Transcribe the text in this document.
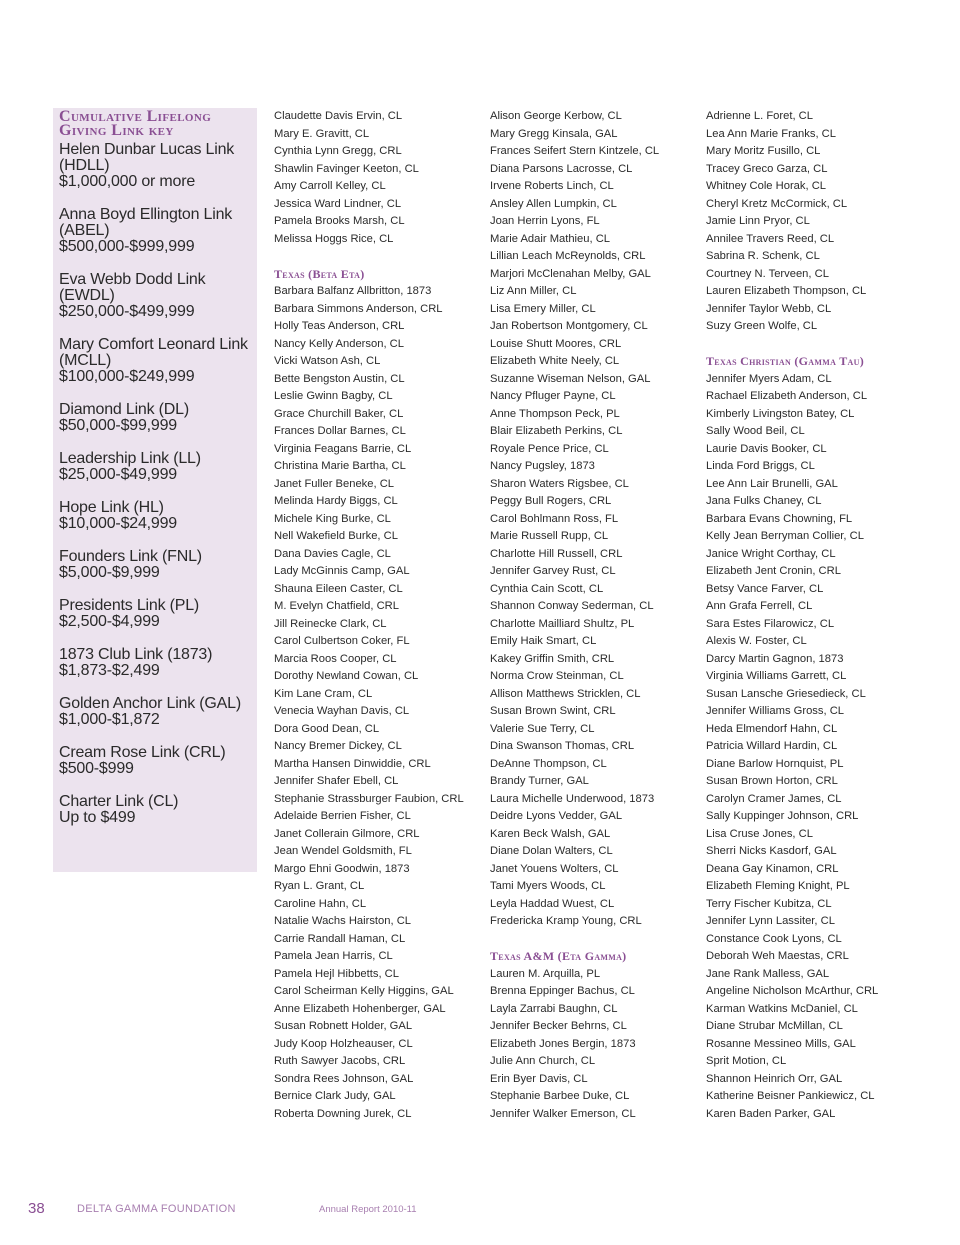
Cumulative Lifelong
Giving Link key
Helen Dunbar Lucas Link (HDLL)
$1,000,000 or more
Anna Boyd Ellington Link (ABEL)
$500,000-$999,999
Eva Webb Dodd Link (EWDL)
$250,000-$499,999
Mary Comfort Leonard Link (MCLL)
$100,000-$249,999
Diamond Link (DL)
$50,000-$99,999
Leadership Link (LL)
$25,000-$49,999
Hope Link (HL)
$10,000-$24,999
Founders Link (FNL)
$5,000-$9,999
Presidents Link (PL)
$2,500-$4,999
1873 Club Link (1873)
$1,873-$2,499
Golden Anchor Link (GAL)
$1,000-$1,872
Cream Rose Link (CRL)
$500-$999
Charter Link (CL)
Up to $499
Claudette Davis Ervin, CL
Mary E. Gravitt, CL
Cynthia Lynn Gregg, CRL
Shawlin Favinger Keeton, CL
Amy Carroll Kelley, CL
Jessica Ward Lindner, CL
Pamela Brooks Marsh, CL
Melissa Hoggs Rice, CL
Texas (Beta Eta)
Barbara Balfanz Allbritton, 1873
Barbara Simmons Anderson, CRL
Holly Teas Anderson, CRL
Nancy Kelly Anderson, CL
Vicki Watson Ash, CL
Bette Bengston Austin, CL
Leslie Gwinn Bagby, CL
Grace Churchill Baker, CL
Frances Dollar Barnes, CL
Virginia Feagans Barrie, CL
Christina Marie Bartha, CL
Janet Fuller Beneke, CL
Melinda Hardy Biggs, CL
Michele King Burke, CL
Nell Wakefield Burke, CL
Dana Davies Cagle, CL
Lady McGinnis Camp, GAL
Shauna Eileen Caster, CL
M. Evelyn Chatfield, CRL
Jill Reinecke Clark, CL
Carol Culbertson Coker, FL
Marcia Roos Cooper, CL
Dorothy Newland Cowan, CL
Kim Lane Cram, CL
Venecia Wayhan Davis, CL
Dora Good Dean, CL
Nancy Bremer Dickey, CL
Martha Hansen Dinwiddie, CRL
Jennifer Shafer Ebell, CL
Stephanie Strassburger Faubion, CRL
Adelaide Berrien Fisher, CL
Janet Collerain Gilmore, CRL
Jean Wendel Goldsmith, FL
Margo Ehni Goodwin, 1873
Ryan L. Grant, CL
Caroline Hahn, CL
Natalie Wachs Hairston, CL
Carrie Randall Haman, CL
Pamela Jean Harris, CL
Pamela Hejl Hibbetts, CL
Carol Scheirman Kelly Higgins, GAL
Anne Elizabeth Hohenberger, GAL
Susan Robnett Holder, GAL
Judy Koop Holzheauser, CL
Ruth Sawyer Jacobs, CRL
Sondra Rees Johnson, GAL
Bernice Clark Judy, GAL
Roberta Downing Jurek, CL
Alison George Kerbow, CL
Mary Gregg Kinsala, GAL
Frances Seifert Stern Kintzele, CL
Diana Parsons Lacrosse, CL
Irvene Roberts Linch, CL
Ansley Allen Lumpkin, CL
Joan Herrin Lyons, FL
Marie Adair Mathieu, CL
Lillian Leach McReynolds, CRL
Marjori McClenahan Melby, GAL
Liz Ann Miller, CL
Lisa Emery Miller, CL
Jan Robertson Montgomery, CL
Louise Shutt Moores, CRL
Elizabeth White Neely, CL
Suzanne Wiseman Nelson, GAL
Nancy Pfluger Payne, CL
Anne Thompson Peck, PL
Blair Elizabeth Perkins, CL
Royale Pence Price, CL
Nancy Pugsley, 1873
Sharon Waters Rigsbee, CL
Peggy Bull Rogers, CRL
Carol Bohlmann Ross, FL
Marie Russell Rupp, CL
Charlotte Hill Russell, CRL
Jennifer Garvey Rust, CL
Cynthia Cain Scott, CL
Shannon Conway Sederman, CL
Charlotte Mailliard Shultz, PL
Emily Haik Smart, CL
Kakey Griffin Smith, CRL
Norma Crow Steinman, CL
Allison Matthews Stricklen, CL
Susan Brown Swint, CRL
Valerie Sue Terry, CL
Dina Swanson Thomas, CRL
DeAnne Thompson, CL
Brandy Turner, GAL
Laura Michelle Underwood, 1873
Deidre Lyons Vedder, GAL
Karen Beck Walsh, GAL
Diane Dolan Walters, CL
Janet Youens Wolters, CL
Tami Myers Woods, CL
Leyla Haddad Wuest, CL
Fredericka Kramp Young, CRL
Texas A&M (Eta Gamma)
Lauren M. Arquilla, PL
Brenna Eppinger Bachus, CL
Layla Zarrabi Baughn, CL
Jennifer Becker Behrns, CL
Elizabeth Jones Bergin, 1873
Julie Ann Church, CL
Erin Byer Davis, CL
Stephanie Barbee Duke, CL
Jennifer Walker Emerson, CL
Adrienne L. Foret, CL
Lea Ann Marie Franks, CL
Mary Moritz Fusillo, CL
Tracey Greco Garza, CL
Whitney Cole Horak, CL
Cheryl Kretz McCormick, CL
Jamie Linn Pryor, CL
Annilee Travers Reed, CL
Sabrina R. Schenk, CL
Courtney N. Terveen, CL
Lauren Elizabeth Thompson, CL
Jennifer Taylor Webb, CL
Suzy Green Wolfe, CL
Texas Christian (Gamma Tau)
Jennifer Myers Adam, CL
Rachael Elizabeth Anderson, CL
Kimberly Livingston Batey, CL
Sally Wood Beil, CL
Laurie Davis Booker, CL
Linda Ford Briggs, CL
Lee Ann Lair Brunelli, GAL
Jana Fulks Chaney, CL
Barbara Evans Chowning, FL
Kelly Jean Berryman Collier, CL
Janice Wright Corthay, CL
Elizabeth Jent Cronin, CRL
Betsy Vance Farver, CL
Ann Grafa Ferrell, CL
Sara Estes Filarowicz, CL
Alexis W. Foster, CL
Darcy Martin Gagnon, 1873
Virginia Williams Garrett, CL
Susan Lansche Griesedieck, CL
Jennifer Williams Gross, CL
Heda Elmendorf Hahn, CL
Patricia Willard Hardin, CL
Diane Barlow Hornquist, PL
Susan Brown Horton, CRL
Carolyn Cramer James, CL
Sally Kuppinger Johnson, CRL
Lisa Cruse Jones, CL
Sherri Nicks Kasdorf, GAL
Deana Gay Kinamon, CRL
Elizabeth Fleming Knight, PL
Terry Fischer Kubitza, CL
Jennifer Lynn Lassiter, CL
Constance Cook Lyons, CL
Deborah Weh Maestas, CRL
Jane Rank Malless, GAL
Angeline Nicholson McArthur, CRL
Karman Watkins McDaniel, CL
Diane Strubar McMillan, CL
Rosanne Messineo Mills, GAL
Sprit Motion, CL
Shannon Heinrich Orr, GAL
Katherine Beisner Pankiewicz, CL
Karen Baden Parker, GAL
38	DELTA GAMMA FOUNDATION	Annual Report 2010-11
